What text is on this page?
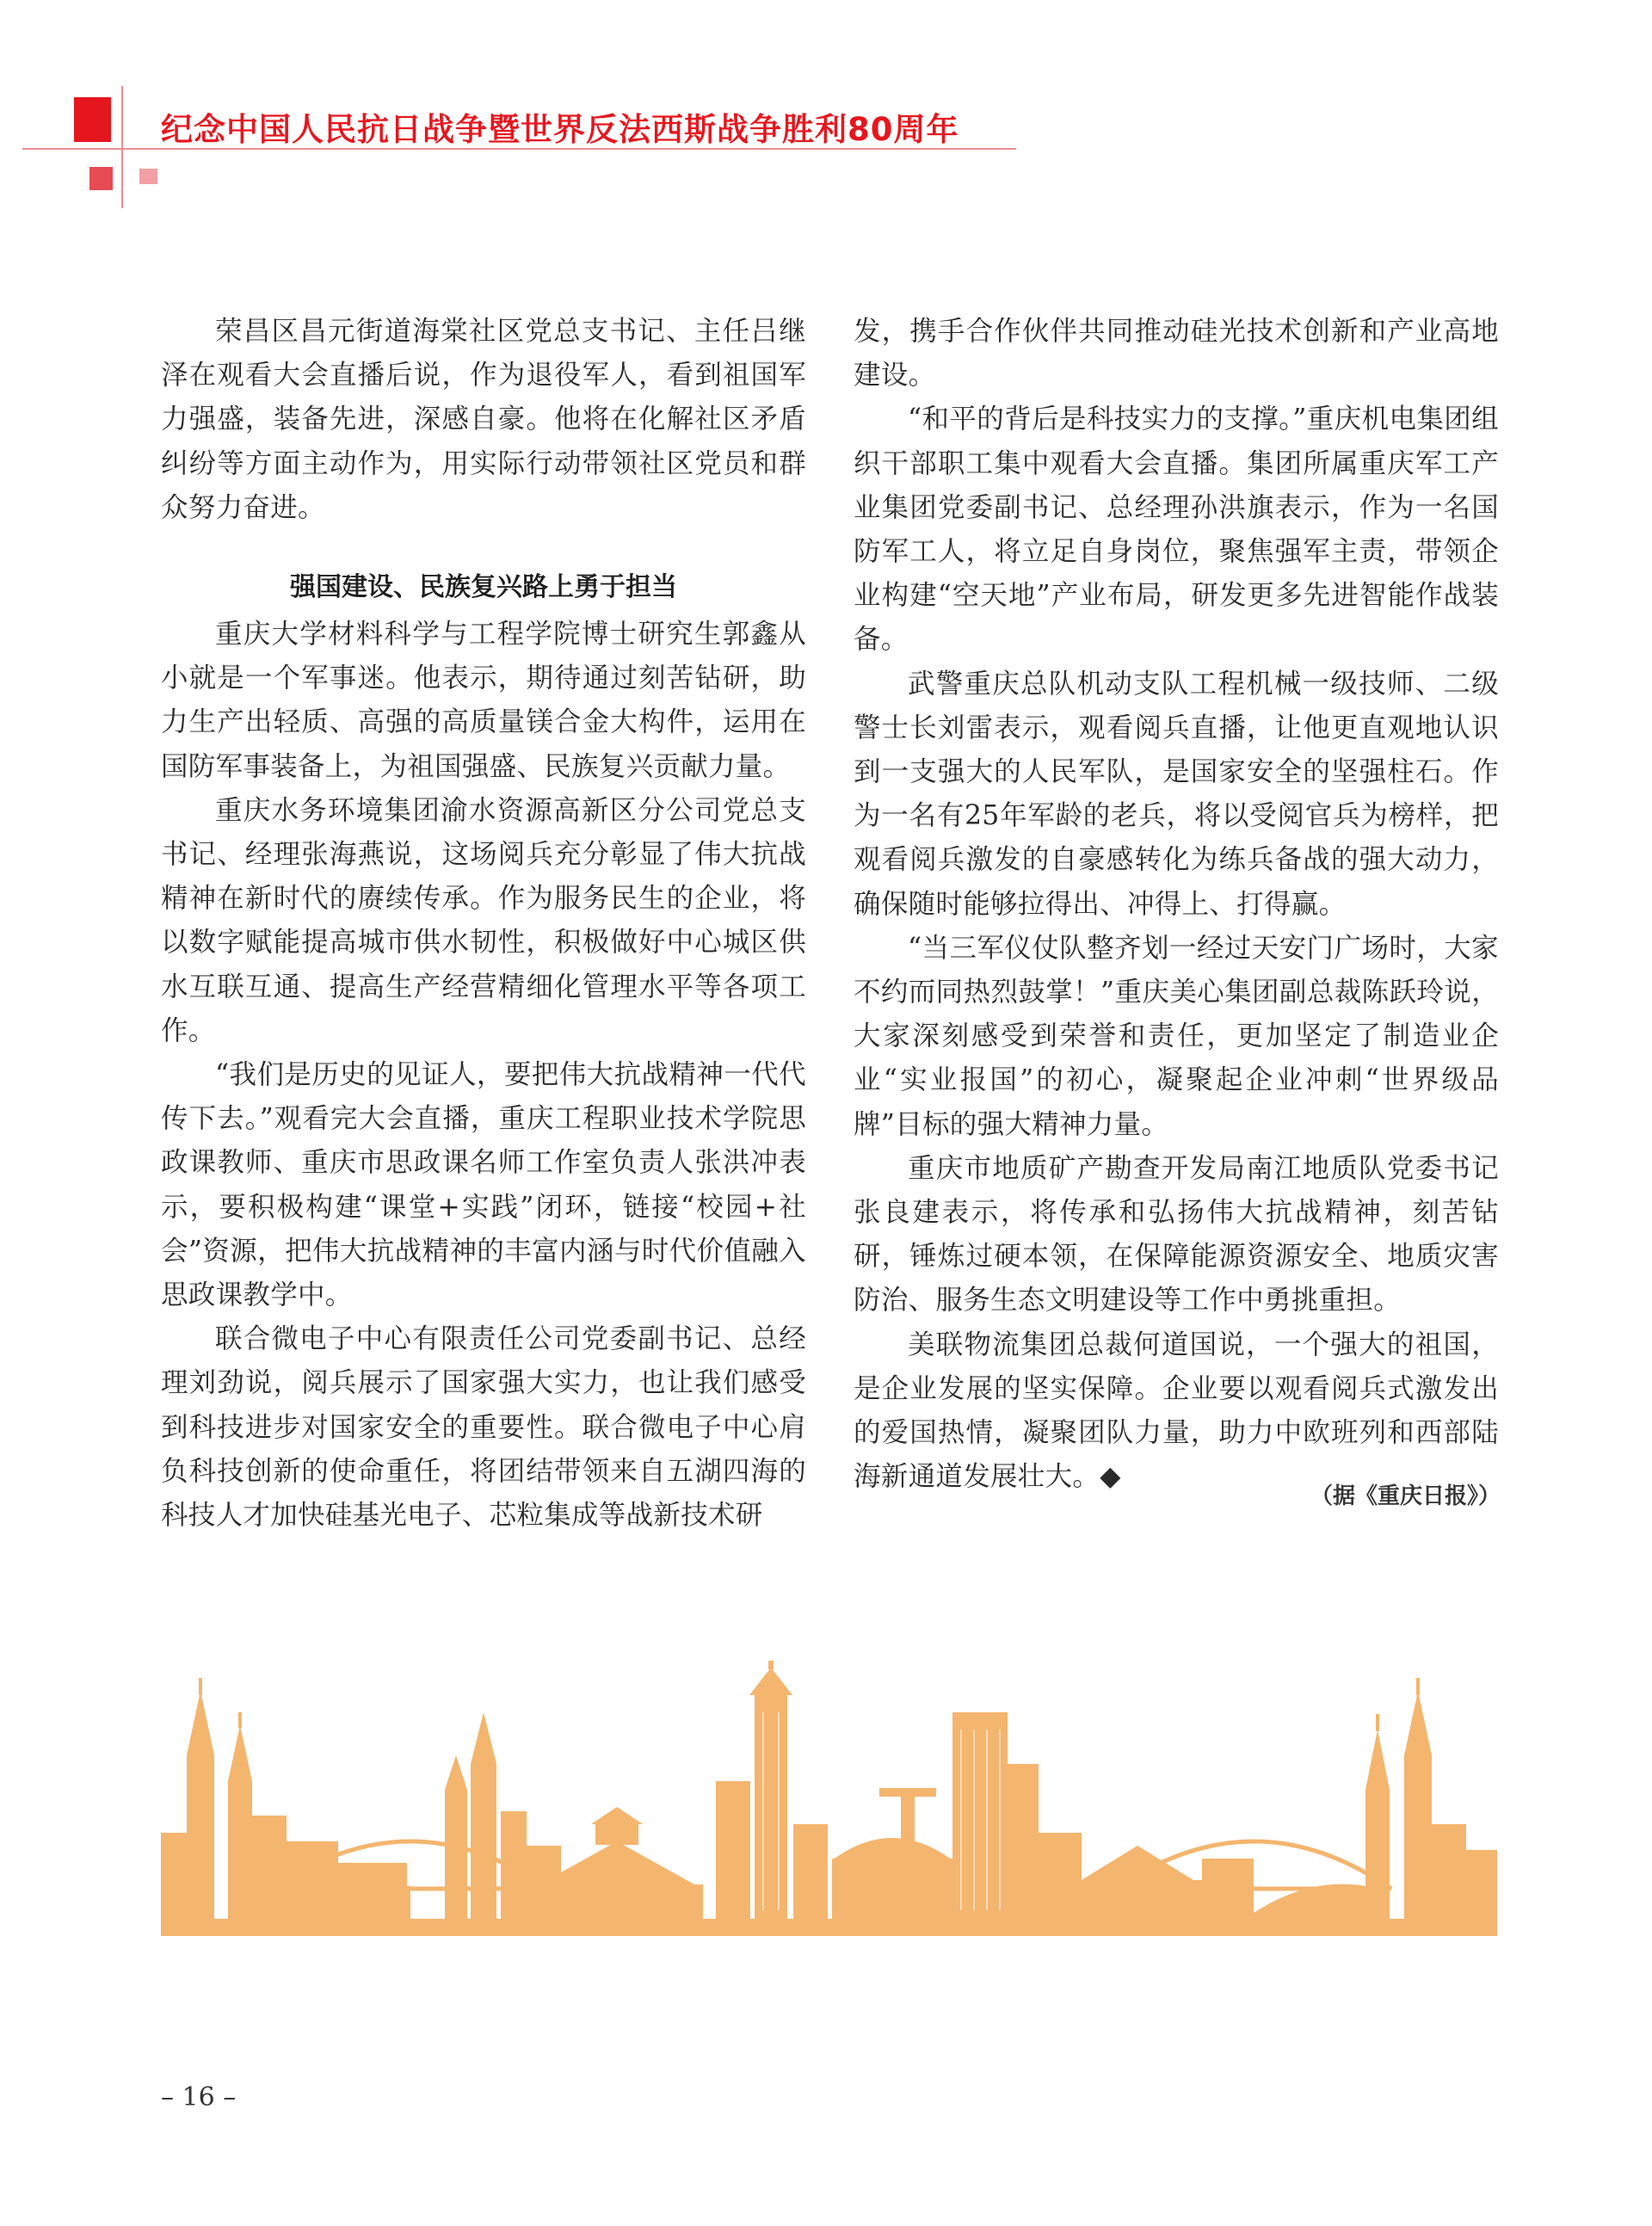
纪念中国人民抗日战争暨世界反法西斯战争胜利80周年

荣昌区昌元街道海棠社区党总支书记、主任吕继泽在观看大会直播后说，作为退役军人，看到祖国军力强盛，装备先进，深感自豪。他将在化解社区矛盾纠纷等方面主动作为，用实际行动带领社区党员和群众努力奋进。

强国建设、民族复兴路上勇于担当

重庆大学材料科学与工程学院博士研究生郭鑫从小就是一个军事迷。他表示，期待通过刻苦钻研，助力生产出轻质、高强的高质量镁合金大构件，运用在国防军事装备上，为祖国强盛、民族复兴贡献力量。

重庆水务环境集团渝水资源高新区分公司党总支书记、经理张海燕说，这场阅兵充分彰显了伟大抗战精神在新时代的赓续传承。作为服务民生的企业，将以数字赋能提高城市供水韧性，积极做好中心城区供水互联互通、提高生产经营精细化管理水平等各项工作。

“我们是历史的见证人，要把伟大抗战精神一代代传下去。”观看完大会直播，重庆工程职业技术学院思政课教师、重庆市思政课名师工作室负责人张洪冲表示，要积极构建“课堂+实践”闭环，链接“校园+社会”资源，把伟大抗战精神的丰富内涵与时代价值融入思政课教学中。

联合微电子中心有限责任公司党委副书记、总经理刘劲说，阅兵展示了国家强大实力，也让我们感受到科技进步对国家安全的重要性。联合微电子中心肩负科技创新的使命重任，将团结带领来自五湖四海的科技人才加快硅基光电子、芯粒集成等战新技术研

发，携手合作伙伴共同推动硅光技术创新和产业高地建设。

“和平的背后是科技实力的支撑。”重庆机电集团组织干部职工集中观看大会直播。集团所属重庆军工产业集团党委副书记、总经理孙洪旗表示，作为一名国防军工人，将立足自身岗位，聚焦强军主责，带领企业构建“空天地”产业布局，研发更多先进智能作战装备。

武警重庆总队机动支队工程机械一级技师、二级警士长刘雷表示，观看阅兵直播，让他更直观地认识到一支强大的人民军队，是国家安全的坚强柱石。作为一名有25年军龄的老兵，将以受阅官兵为榜样，把观看阅兵激发的自豪感转化为练兵备战的强大动力，确保随时能够拉得出、冲得上、打得赢。

“当三军仪仗队整齐划一经过天安门广场时，大家不约而同热烈鼓掌！”重庆美心集团副总裁陈跃玲说，大家深刻感受到荣誉和责任，更加坚定了制造业企业“实业报国”的初心，凝聚起企业冲刺“世界级品牌”目标的强大精神力量。

重庆市地质矿产勘查开发局南江地质队党委书记张良建表示，将传承和弘扬伟大抗战精神，刻苦钻研，锤炼过硬本领，在保障能源资源安全、地质灾害防治、服务生态文明建设等工作中勇挑重担。

美联物流集团总裁何道国说，一个强大的祖国，是企业发展的坚实保障。企业要以观看阅兵式激发出的爱国热情，凝聚团队力量，助力中欧班列和西部陆海新通道发展壮大。◆

（据《重庆日报》）

– 16 –
